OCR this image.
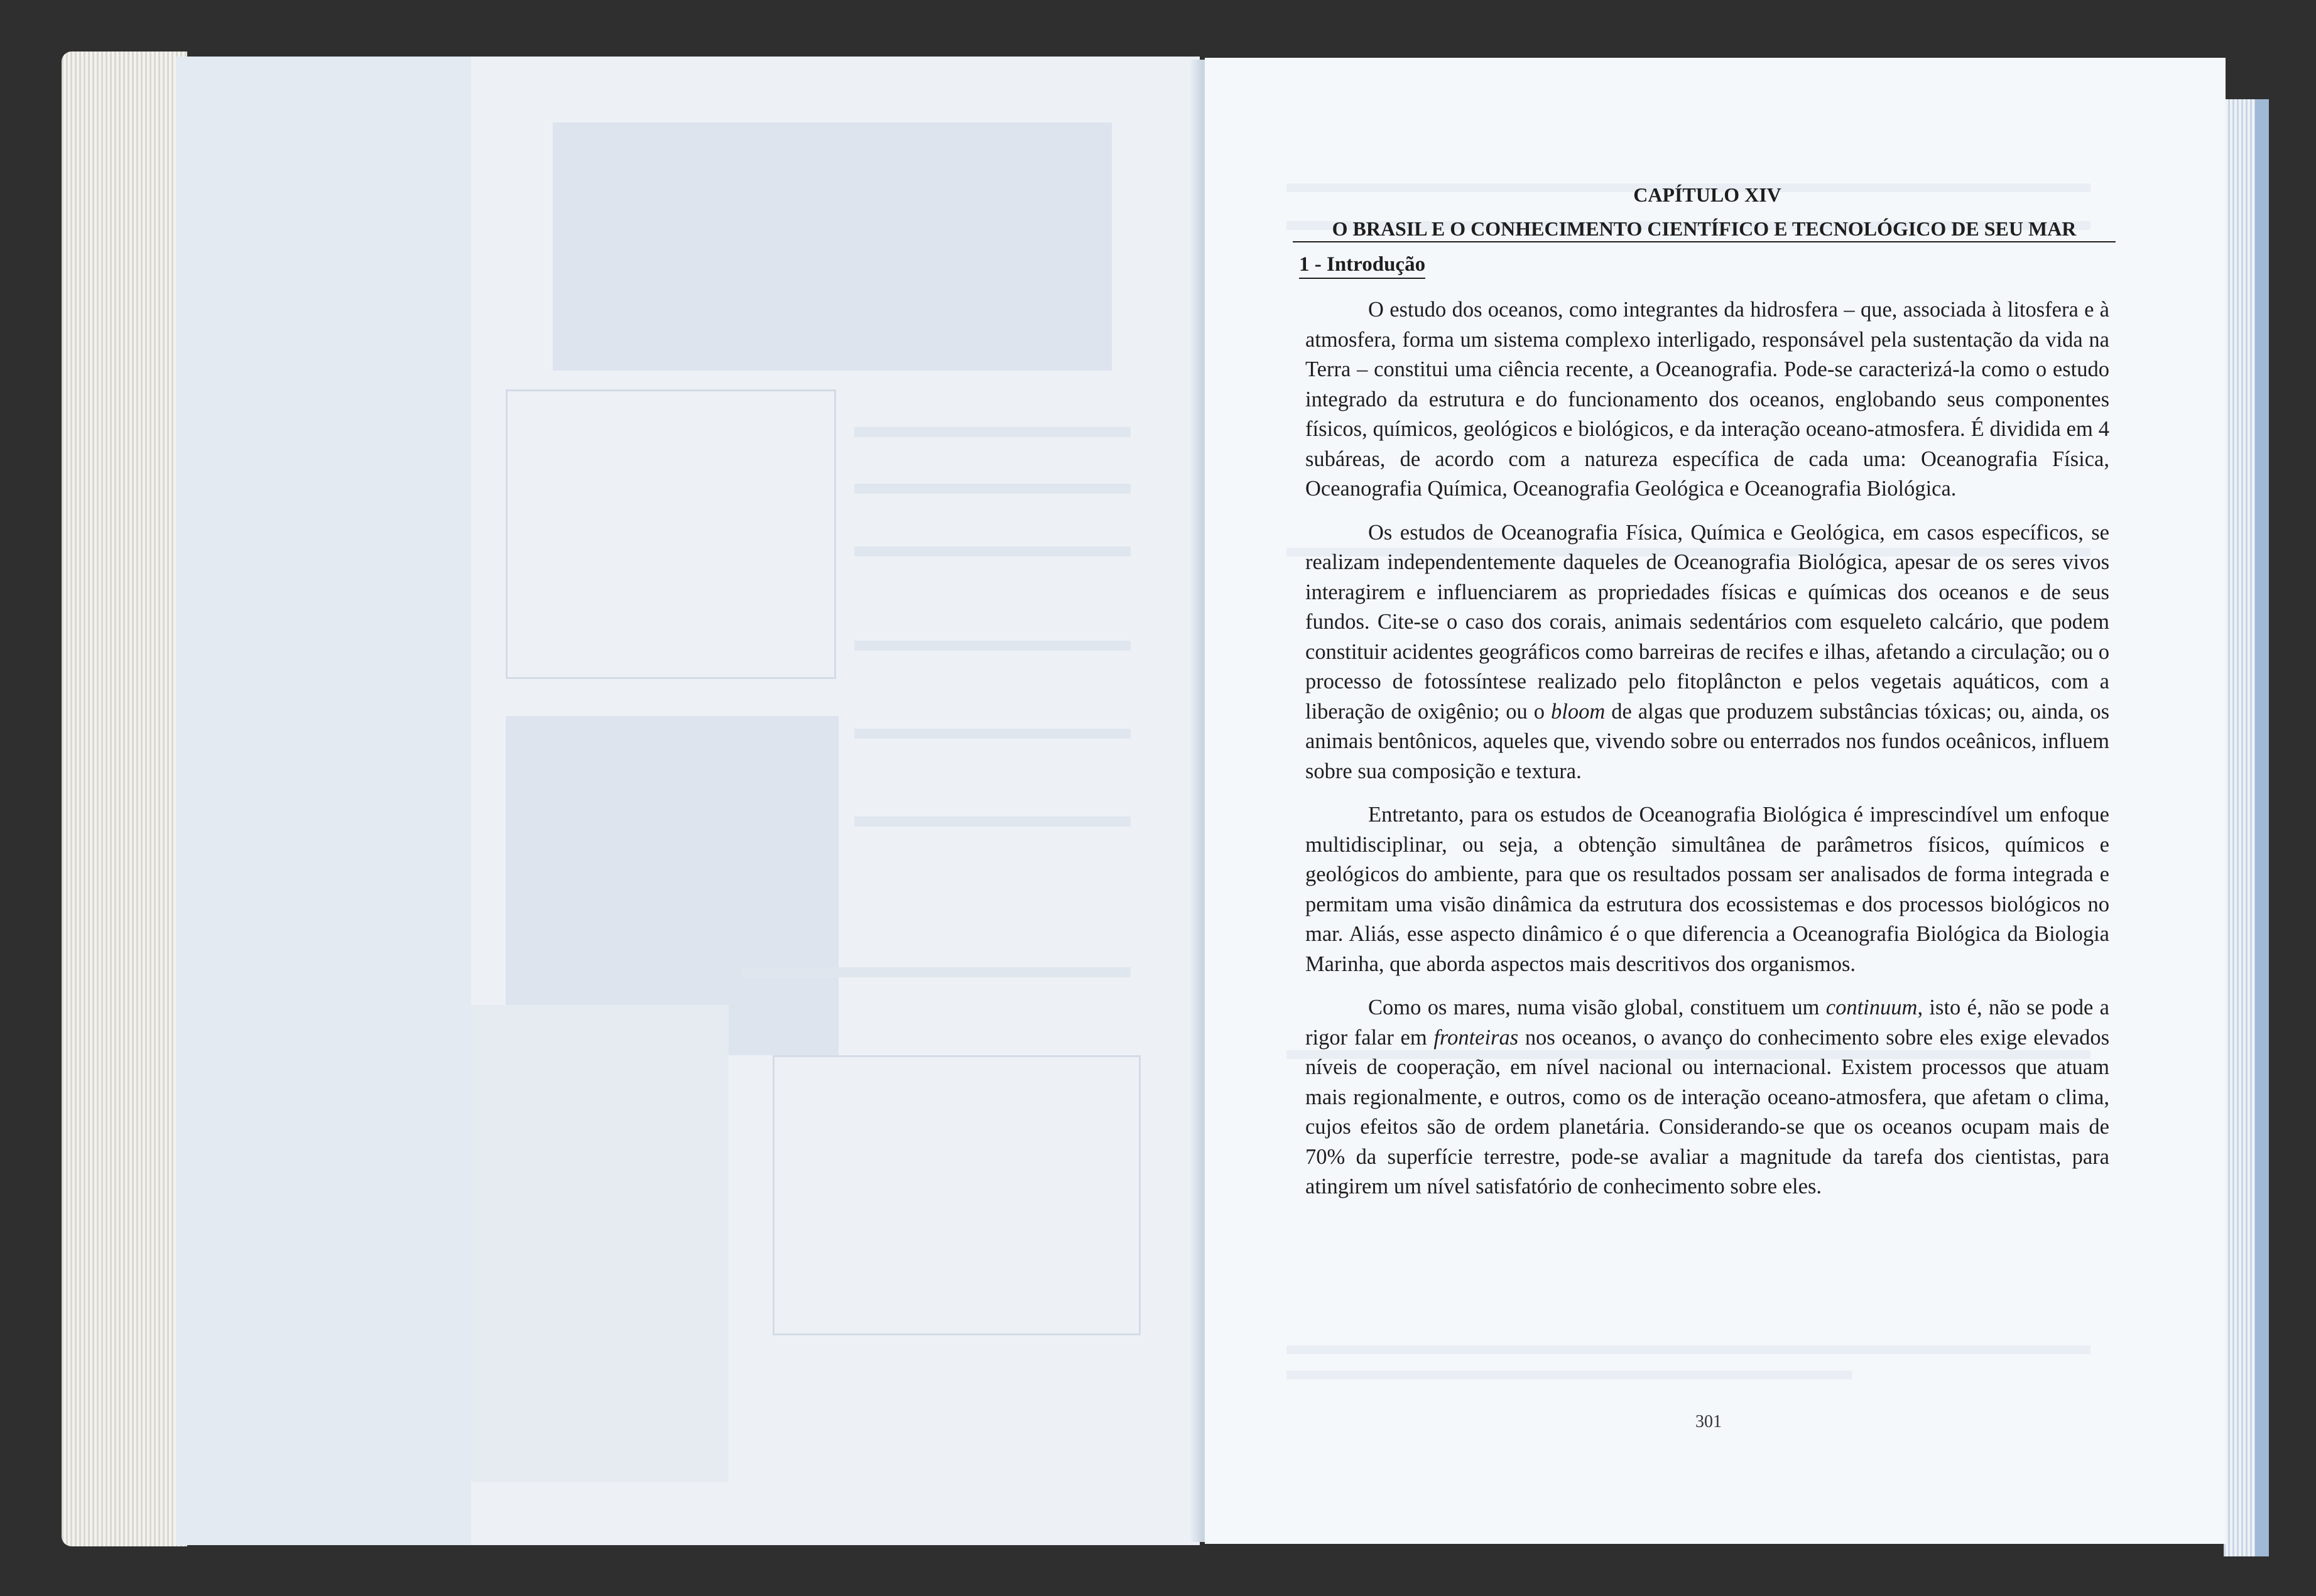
CAPÍTULO XIV

O BRASIL E O CONHECIMENTO CIENTÍFICO E TECNOLÓGICO DE SEU MAR

1 - Introdução

O estudo dos oceanos, como integrantes da hidrosfera – que, associada à litosfera e à atmosfera, forma um sistema complexo interligado, responsável pela sustentação da vida na Terra – constitui uma ciência recente, a Oceanografia. Pode-se caracterizá-la como o estudo integrado da estrutura e do funcionamento dos oceanos, englobando seus componentes físicos, químicos, geológicos e biológicos, e da interação oceano-atmosfera. É dividida em 4 subáreas, de acordo com a natureza específica de cada uma: Oceanografia Física, Oceanografia Química, Oceanografia Geológica e Oceanografia Biológica.

Os estudos de Oceanografia Física, Química e Geológica, em casos específicos, se realizam independentemente daqueles de Oceanografia Biológica, apesar de os seres vivos interagirem e influenciarem as propriedades físicas e químicas dos oceanos e de seus fundos. Cite-se o caso dos corais, animais sedentários com esqueleto calcário, que podem constituir acidentes geográficos como barreiras de recifes e ilhas, afetando a circulação; ou o processo de fotossíntese realizado pelo fitoplâncton e pelos vegetais aquáticos, com a liberação de oxigênio; ou o bloom de algas que produzem substâncias tóxicas; ou, ainda, os animais bentônicos, aqueles que, vivendo sobre ou enterrados nos fundos oceânicos, influem sobre sua composição e textura.

Entretanto, para os estudos de Oceanografia Biológica é imprescindível um enfoque multidisciplinar, ou seja, a obtenção simultânea de parâmetros físicos, químicos e geológicos do ambiente, para que os resultados possam ser analisados de forma integrada e permitam uma visão dinâmica da estrutura dos ecossistemas e dos processos biológicos no mar. Aliás, esse aspecto dinâmico é o que diferencia a Oceanografia Biológica da Biologia Marinha, que aborda aspectos mais descritivos dos organismos.

Como os mares, numa visão global, constituem um continuum, isto é, não se pode a rigor falar em fronteiras nos oceanos, o avanço do conhecimento sobre eles exige elevados níveis de cooperação, em nível nacional ou internacional. Existem processos que atuam mais regionalmente, e outros, como os de interação oceano-atmosfera, que afetam o clima, cujos efeitos são de ordem planetária. Considerando-se que os oceanos ocupam mais de 70% da superfície terrestre, pode-se avaliar a magnitude da tarefa dos cientistas, para atingirem um nível satisfatório de conhecimento sobre eles.

301
